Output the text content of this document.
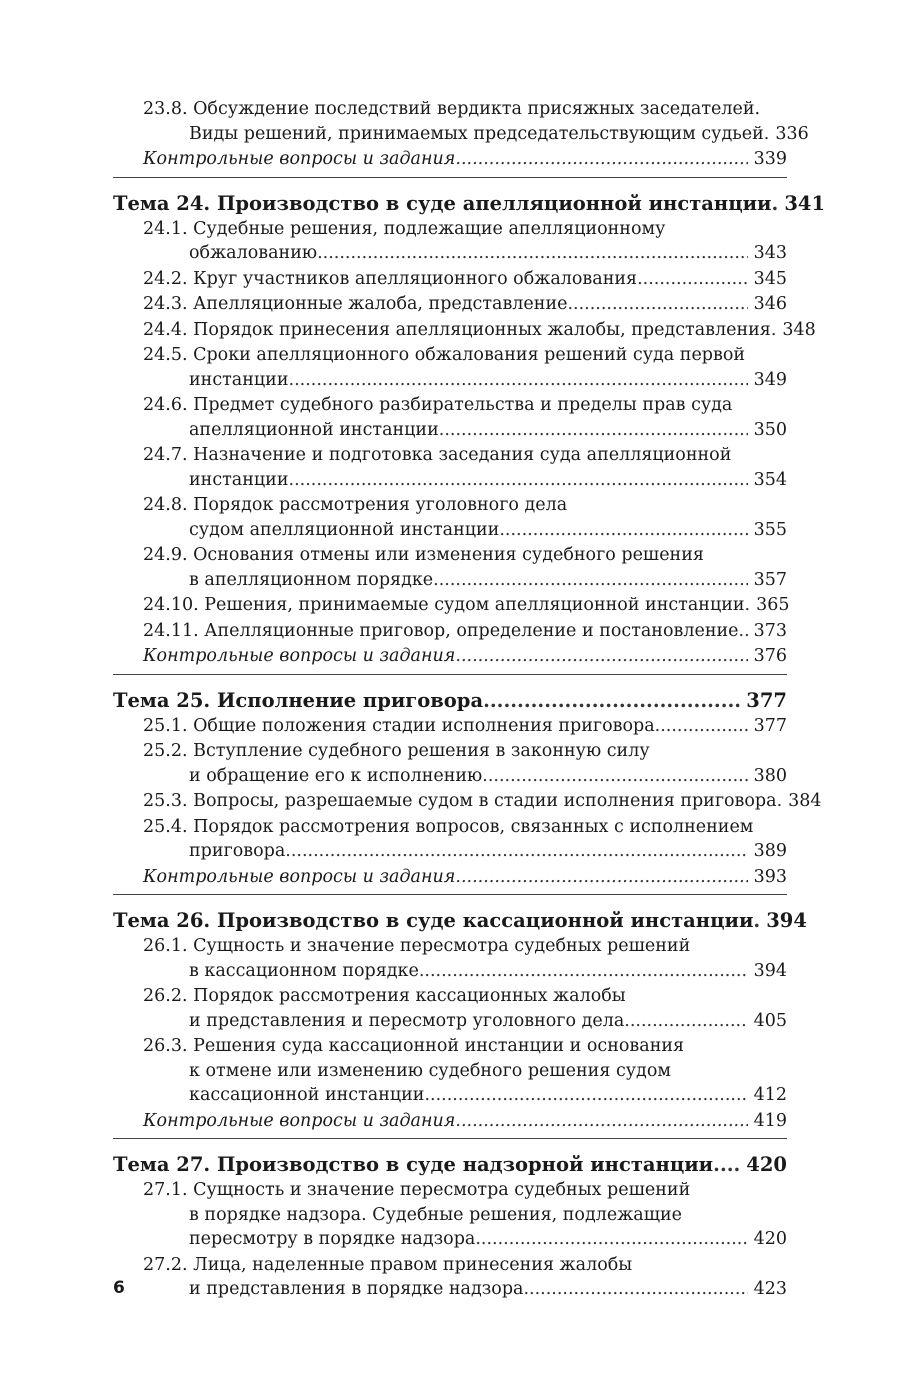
23.8. Обсуждение последствий вердикта присяжных заседателей.
Виды решений, принимаемых председательствующим судьей ..... 336
Контрольные вопросы и задания .....	339
Тема 24. Производство в суде апелляционной инстанции ..... 341
24.1. Судебные решения, подлежащие апелляционному
обжалованию .....	343
24.2. Круг участников апелляционного обжалования .....	345
24.3. Апелляционные жалоба, представление .....	346
24.4. Порядок принесения апелляционных жалобы, представления ..... 348
24.5. Сроки апелляционного обжалования решений суда первой
инстанции .....	349
24.6. Предмет судебного разбирательства и пределы прав суда
апелляционной инстанции .....	350
24.7. Назначение и подготовка заседания суда апелляционной
инстанции .....	354
24.8. Порядок рассмотрения уголовного дела
судом апелляционной инстанции .....	355
24.9. Основания отмены или изменения судебного решения
в апелляционном порядке .....	357
24.10. Решения, принимаемые судом апелляционной инстанции ..... 365
24.11. Апелляционные приговор, определение и постановление ..... 373
Контрольные вопросы и задания .....	376
Тема 25. Исполнение приговора .....	377
25.1. Общие положения стадии исполнения приговора .....	377
25.2. Вступление судебного решения в законную силу
и обращение его к исполнению .....	380
25.3. Вопросы, разрешаемые судом в стадии исполнения приговора ..... 384
25.4. Порядок рассмотрения вопросов, связанных с исполнением
приговора .....	389
Контрольные вопросы и задания .....	393
Тема 26. Производство в суде кассационной инстанции ..... 394
26.1. Сущность и значение пересмотра судебных решений
в кассационном порядке .....	394
26.2. Порядок рассмотрения кассационных жалобы
и представления и пересмотр уголовного дела .....	405
26.3. Решения суда кассационной инстанции и основания
к отмене или изменению судебного решения судом
кассационной инстанции .....	412
Контрольные вопросы и задания .....	419
Тема 27. Производство в суде надзорной инстанции ..... 420
27.1. Сущность и значение пересмотра судебных решений
в порядке надзора. Судебные решения, подлежащие
пересмотру в порядке надзора .....	420
27.2. Лица, наделенные правом принесения жалобы
и представления в порядке надзора .....	423
6
